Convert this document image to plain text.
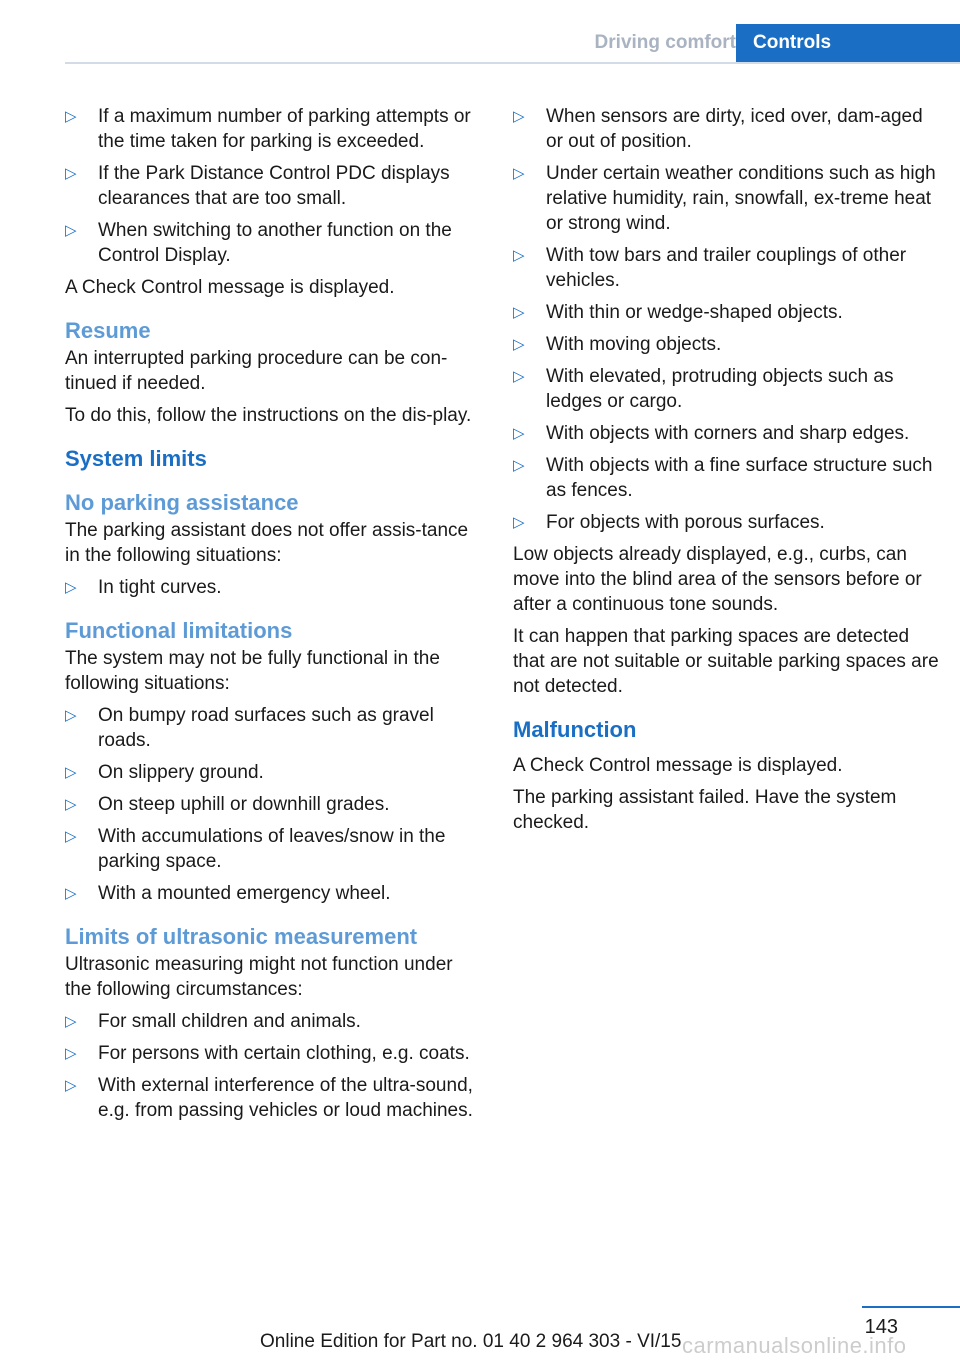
Driving comfort Controls
▷ If a maximum number of parking attempts or the time taken for parking is exceeded.
▷ If the Park Distance Control PDC displays clearances that are too small.
▷ When switching to another function on the Control Display.

A Check Control message is displayed.

Resume

An interrupted parking procedure can be con‐tinued if needed.

To do this, follow the instructions on the dis‐play.

System limits
No parking assistance

The parking assistant does not offer assis‐tance in the following situations:

▷ In tight curves.
Functional limitations

The system may not be fully functional in the following situations:

▷ On bumpy road surfaces such as gravel roads.
▷ On slippery ground.
▷ On steep uphill or downhill grades.
▷ With accumulations of leaves/snow in the parking space.
▷ With a mounted emergency wheel.
Limits of ultrasonic measurement

Ultrasonic measuring might not function under the following circumstances:

▷ For small children and animals.
▷ For persons with certain clothing, e.g. coats.
▷ With external interference of the ultra‐sound, e.g. from passing vehicles or loud machines.
▷ When sensors are dirty, iced over, dam‐aged or out of position.
▷ Under certain weather conditions such as high relative humidity, rain, snowfall, ex‐treme heat or strong wind.
▷ With tow bars and trailer couplings of other vehicles.
▷ With thin or wedge-shaped objects.
▷ With moving objects.
▷ With elevated, protruding objects such as ledges or cargo.
▷ With objects with corners and sharp edges.
▷ With objects with a fine surface structure such as fences.
▷ For objects with porous surfaces.

Low objects already displayed, e.g., curbs, can move into the blind area of the sensors before or after a continuous tone sounds.

It can happen that parking spaces are detected that are not suitable or suitable parking spaces are not detected.

Malfunction

A Check Control message is displayed.

The parking assistant failed. Have the system checked.

143
Online Edition for Part no. 01 40 2 964 303 - VI/15 carmanualsonline.info
